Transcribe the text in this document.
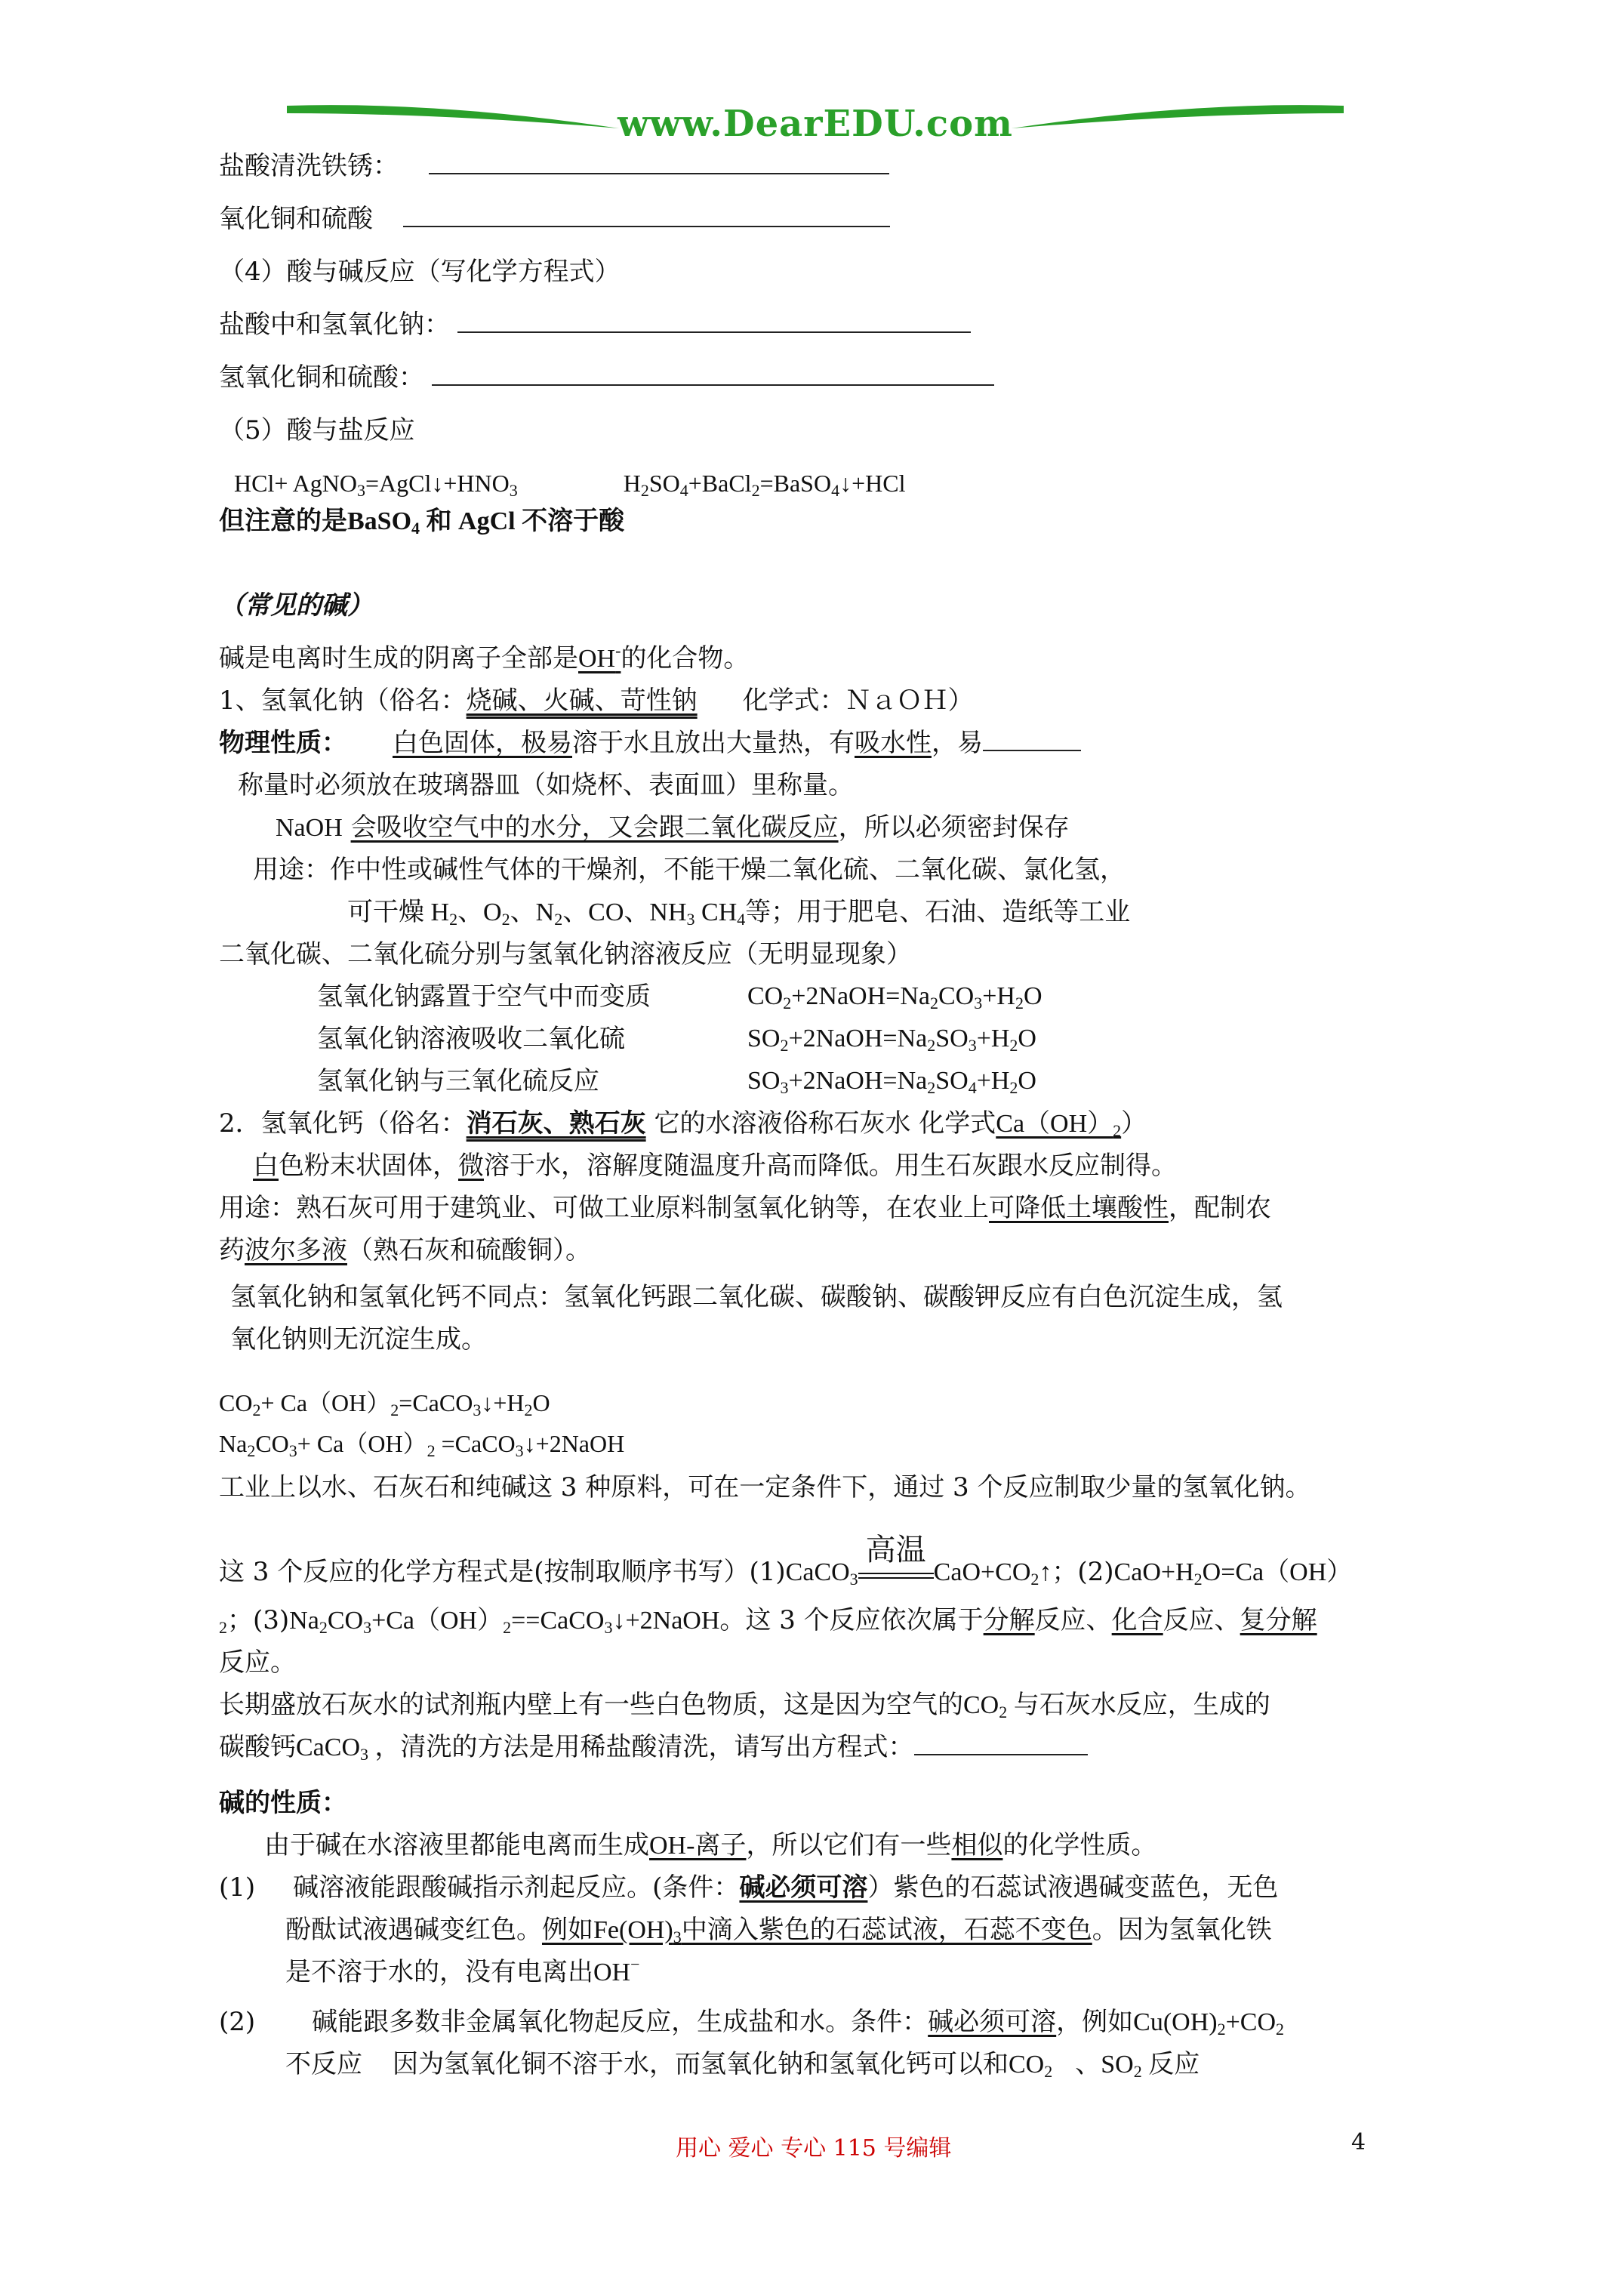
www.DearEDU.com
盐酸清洗铁锈：
氧化铜和硫酸
（4）酸与碱反应（写化学方程式）
盐酸中和氢氧化钠：
氢氧化铜和硫酸：
（5）酸与盐反应
$HCl+ AgNO_3=AgCl↓+HNO_3$	$H_2SO_4+BaCl_2=BaSO_4↓+HCl$
但注意的是BaSO$_4$ 和 AgCl 不溶于酸
（常见的碱）
碱是电离时生成的阴离子全部是OH-的化合物。
1、氢氧化钠（俗名：烧碱、火碱、苛性钠 化学式：ＮａＯＨ）
物理性质： 白色固体，极易溶于水且放出大量热，有吸水性，易
称量时必须放在玻璃器皿（如烧杯、表面皿）里称量。
NaOH 会吸收空气中的水分，又会跟二氧化碳反应，所以必须密封保存
用途：作中性或碱性气体的干燥剂，不能干燥二氧化硫、二氧化碳、氯化氢，
可干燥 $H_2$、$O_2$、$N_2$、CO、$NH_3$ $CH_4$等；用于肥皂、石油、造纸等工业
二氧化碳、二氧化硫分别与氢氧化钠溶液反应（无明显现象）
氢氧化钠露置于空气中而变质	$CO_2+2NaOH=Na_2CO_3+H_2O$
氢氧化钠溶液吸收二氧化硫	$SO_2+2NaOH=Na_2SO_3+H_2O$
氢氧化钠与三氧化硫反应	$SO_3+2NaOH=Na_2SO_4+H_2O$
2．氢氧化钙（俗名：消石灰、熟石灰 它的水溶液俗称石灰水 化学式$Ca(OH)_2$）
白色粉末状固体，微溶于水，溶解度随温度升高而降低。用生石灰跟水反应制得。
用途：熟石灰可用于建筑业、可做工业原料制氢氧化钠等，在农业上可降低土壤酸性，配制农
药波尔多液（熟石灰和硫酸铜）。
氢氧化钠和氢氧化钙不同点：氢氧化钙跟二氧化碳、碳酸钠、碳酸钾反应有白色沉淀生成，氢
氧化钠则无沉淀生成。
$CO_2+$ $Ca(OH)_2=CaCO_3↓+H_2O$
$Na_2CO_3+ Ca(OH)_2$ =CaCO$_3$↓+2NaOH
工业上以水、石灰石和纯碱这 3 种原料，可在一定条件下，通过 3 个反应制取少量的氢氧化钠。
这 3 个反应的化学方程式是(按制取顺序书写）(1)CaCO$_3$
高温
$CaO+CO_2↑$；$(2)CaO+H_2O=Ca(OH)$
$_2$；$(3)Na_2CO_3+Ca(OH)_2==CaCO_3↓+2NaOH$。这 3 个反应依次属于分解反应、化合反应、复分解
反应。
长期盛放石灰水的试剂瓶内壁上有一些白色物质，这是因为空气的$CO_2$ 与石灰水反应，生成的
碳酸钙CaCO$_3$ ，清洗的方法是用稀盐酸清洗，请写出方程式：
碱的性质：
由于碱在水溶液里都能电离而生成OH-离子，所以它们有一些相似的化学性质。
(1) 碱溶液能跟酸碱指示剂起反应。(条件：碱必须可溶）紫色的石蕊试液遇碱变蓝色，无色
酚酞试液遇碱变红色。例如$Fe(OH)_3$中滴入紫色的石蕊试液，石蕊不变色。因为氢氧化铁
是不溶于水的，没有电离出OH−
(2) 碱能跟多数非金属氧化物起反应，生成盐和水。条件：碱必须可溶，例如$Cu(OH)_2+CO_2$
不反应 因为氢氧化铜不溶于水，而氢氧化钠和氢氧化钙可以和$CO_2$ 、$SO_2$ 反应
用心 爱心 专心 115 号编辑	4
